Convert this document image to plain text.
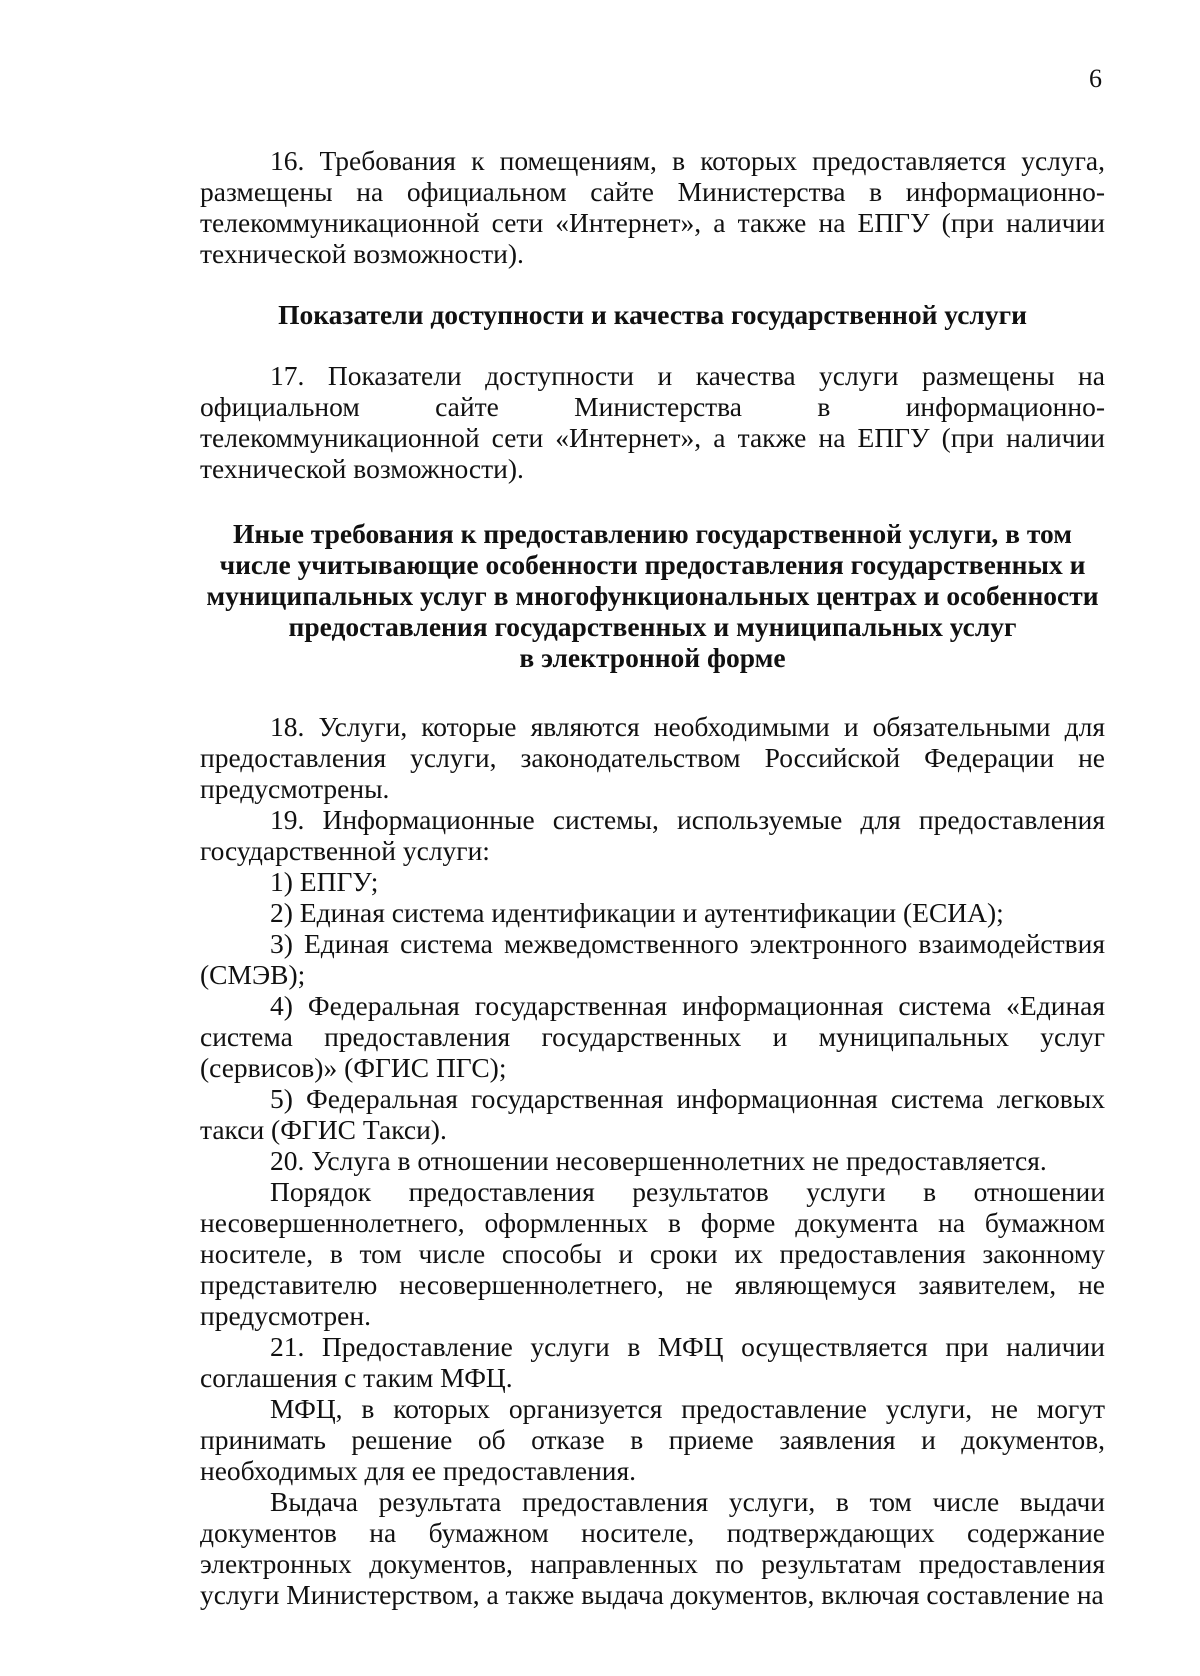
6

16. Требования к помещениям, в которых предоставляется услуга, размещены на официальном сайте Министерства в информационно-телекоммуникационной сети «Интернет», а также на ЕПГУ (при наличии технической возможности).

Показатели доступности и качества государственной услуги

17. Показатели доступности и качества услуги размещены на официальном сайте Министерства в информационно-телекоммуникационной сети «Интернет», а также на ЕПГУ (при наличии технической возможности).

Иные требования к предоставлению государственной услуги, в том
числе учитывающие особенности предоставления государственных и
муниципальных услуг в многофункциональных центрах и особенности
предоставления государственных и муниципальных услуг
в электронной форме

18. Услуги, которые являются необходимыми и обязательными для предоставления услуги, законодательством Российской Федерации не предусмотрены.

19. Информационные системы, используемые для предоставления государственной услуги:

1) ЕПГУ;

2) Единая система идентификации и аутентификации (ЕСИА);

3) Единая система межведомственного электронного взаимодействия (СМЭВ);

4) Федеральная государственная информационная система «Единая система предоставления государственных и муниципальных услуг (сервисов)» (ФГИС ПГС);

5) Федеральная государственная информационная система легковых такси (ФГИС Такси).

20. Услуга в отношении несовершеннолетних не предоставляется.

Порядок предоставления результатов услуги в отношении несовершеннолетнего, оформленных в форме документа на бумажном носителе, в том числе способы и сроки их предоставления законному представителю несовершеннолетнего, не являющемуся заявителем, не предусмотрен.

21. Предоставление услуги в МФЦ осуществляется при наличии соглашения с таким МФЦ.

МФЦ, в которых организуется предоставление услуги, не могут принимать решение об отказе в приеме заявления и документов, необходимых для ее предоставления.

Выдача результата предоставления услуги, в том числе выдачи документов на бумажном носителе, подтверждающих содержание электронных документов, направленных по результатам предоставления услуги Министерством, а также выдача документов, включая составление на
